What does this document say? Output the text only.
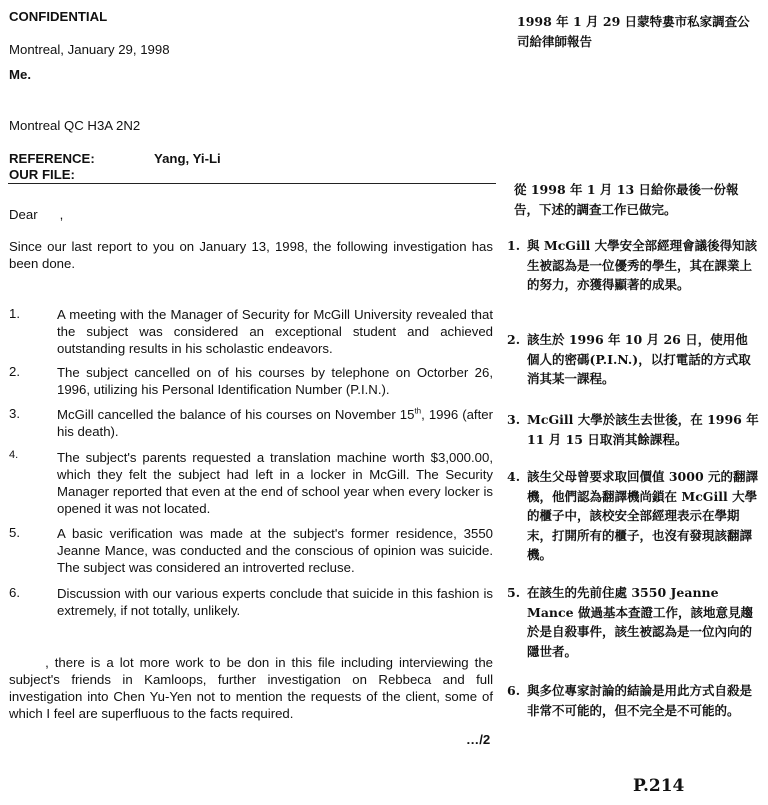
CONFIDENTIAL
Montreal, January 29, 1998
Me.
Montreal QC H3A 2N2
REFERENCE:	Yang, Yi-Li
OUR FILE:
Dear      ,
Since our last report to you on January 13, 1998, the following investigation has been done.
1.	A meeting with the Manager of Security for McGill University revealed that the subject was considered an exceptional student and achieved outstanding results in his scholastic endeavors.
2.	The subject cancelled on of his courses by telephone on Octorber 26, 1996, utilizing his Personal Identification Number (P.I.N.).
3.	McGill cancelled the balance of his courses on November 15th, 1996 (after his death).
4.	The subject's parents requested a translation machine worth $3,000.00, which they felt the subject had left in a locker in McGill. The Security Manager reported that even at the end of school year when every locker is opened it was not located.
5.	A basic verification was made at the subject's former residence, 3550 Jeanne Mance, was conducted and the conscious of opinion was suicide. The subject was considered an introverted recluse.
6.	Discussion with our various experts conclude that suicide in this fashion is extremely, if not totally, unlikely.
, there is a lot more work to be don in this file including interviewing the subject's friends in Kamloops, further investigation on Rebbeca and full investigation into Chen Yu-Yen not to mention the requests of the client, some of which I feel are superfluous to the facts required.
…/2
1998 年 1 月 29 日蒙特婁市私家調查公司給律師報告
從 1998 年 1 月 13 日給你最後一份報告，下述的調查工作已做完。
1. 與 McGill 大學安全部經理會議後得知該生被認為是一位優秀的學生，其在課業上的努力，亦獲得顯著的成果。
2. 該生於 1996 年 10 月 26 日，使用他個人的密碼(P.I.N.)，以打電話的方式取消其某一課程。
3. McGill 大學於該生去世後，在 1996 年 11 月 15 日取消其餘課程。
4. 該生父母曾要求取回價值 3000 元的翻譯機，他們認為翻譯機尚鎖在 McGill 大學的櫃子中，該校安全部經理表示在學期末，打開所有的櫃子，也沒有發現該翻譯機。
5. 在該生的先前住處 3550 Jeanne Mance 做過基本查證工作，該地意見趨於是自殺事件，該生被認為是一位內向的隱世者。
6. 與多位專家討論的結論是用此方式自殺是非常不可能的，但不完全是不可能的。
P.214
